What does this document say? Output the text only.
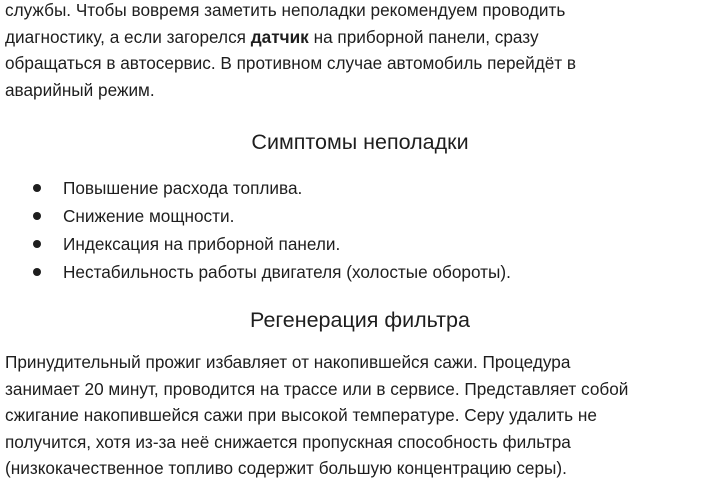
службы. Чтобы вовремя заметить неполадки рекомендуем проводить
диагностику, а если загорелся датчик на приборной панели, сразу
обращаться в автосервис. В противном случае автомобиль перейдёт в
аварийный режим.

Симптомы неполадки
Повышение расхода топлива.
Снижение мощности.
Индексация на приборной панели.
Нестабильность работы двигателя (холостые обороты).
Регенерация фильтра

Принудительный прожиг избавляет от накопившейся сажи. Процедура
занимает 20 минут, проводится на трассе или в сервисе. Представляет собой
сжигание накопившейся сажи при высокой температуре. Серу удалить не
получится, хотя из-за неё снижается пропускная способность фильтра
(низкокачественное топливо содержит большую концентрацию серы).
